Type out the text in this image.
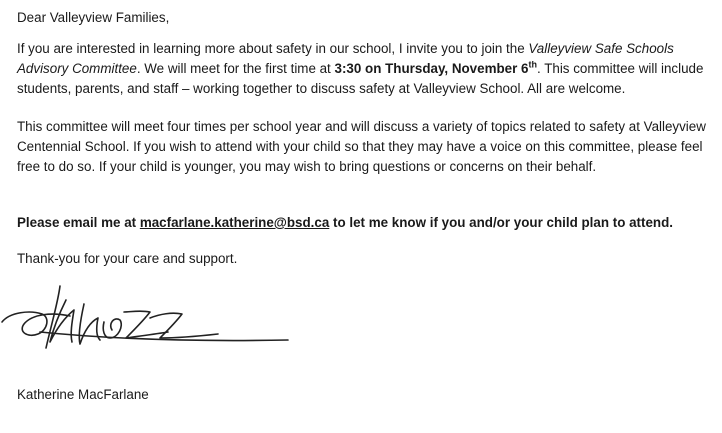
Dear Valleyview Families,
If you are interested in learning more about safety in our school, I invite you to join the Valleyview Safe Schools Advisory Committee. We will meet for the first time at 3:30 on Thursday, November 6th. This committee will include students, parents, and staff – working together to discuss safety at Valleyview School. All are welcome.
This committee will meet four times per school year and will discuss a variety of topics related to safety at Valleyview Centennial School. If you wish to attend with your child so that they may have a voice on this committee, please feel free to do so. If your child is younger, you may wish to bring questions or concerns on their behalf.
Please email me at macfarlane.katherine@bsd.ca to let me know if you and/or your child plan to attend.
Thank-you for your care and support.
Katherine MacFarlane
